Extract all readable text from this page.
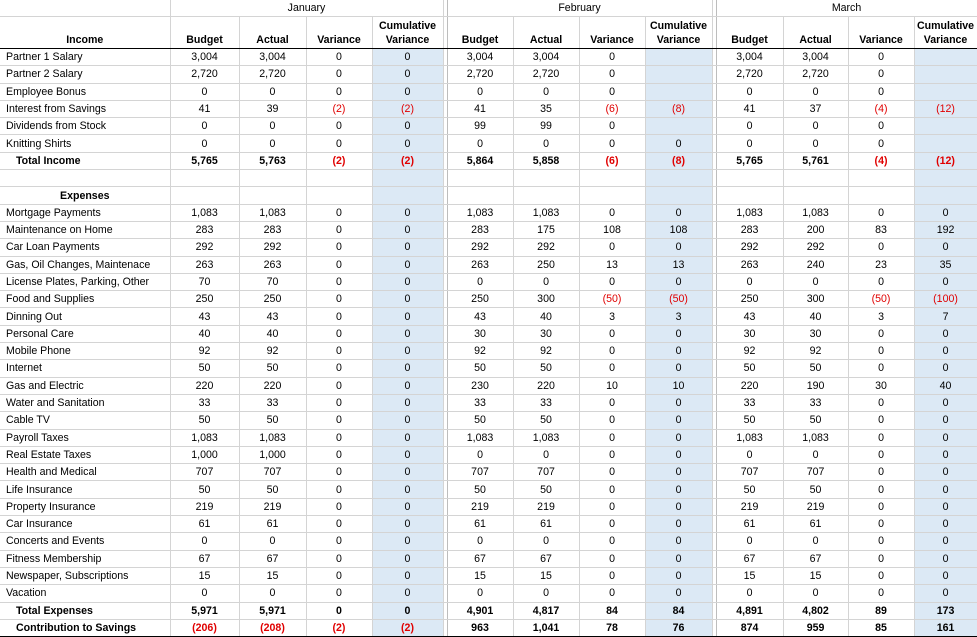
	January					February					March			
Income	Budget	Actual	Variance	Cumulative Variance		Budget	Actual	Variance	Cumulative Variance		Budget	Actual	Variance	Cumulative Variance
Partner 1 Salary	3,004	3,004	0	0		3,004	3,004	0			3,004	3,004	0	
Partner 2 Salary	2,720	2,720	0	0		2,720	2,720	0			2,720	2,720	0	
Employee Bonus	0	0	0	0		0	0	0			0	0	0	
Interest from Savings	41	39	(2)	(2)		41	35	(6)	(8)		41	37	(4)	(12)
Dividends from Stock	0	0	0	0		99	99	0			0	0	0	
Knitting Shirts	0	0	0	0		0	0	0	0		0	0	0	
Total Income	5,765	5,763	(2)	(2)		5,864	5,858	(6)	(8)		5,765	5,761	(4)	(12)

Expenses														
Mortgage Payments	1,083	1,083	0	0		1,083	1,083	0	0		1,083	1,083	0	0
Maintenance on Home	283	283	0	0		283	175	108	108		283	200	83	192
Car Loan Payments	292	292	0	0		292	292	0	0		292	292	0	0
Gas, Oil Changes, Maintenace	263	263	0	0		263	250	13	13		263	240	23	35
License Plates, Parking, Other	70	70	0	0		0	0	0	0		0	0	0	0
Food and Supplies	250	250	0	0		250	300	(50)	(50)		250	300	(50)	(100)
Dinning Out	43	43	0	0		43	40	3	3		43	40	3	7
Personal Care	40	40	0	0		30	30	0	0		30	30	0	0
Mobile Phone	92	92	0	0		92	92	0	0		92	92	0	0
Internet	50	50	0	0		50	50	0	0		50	50	0	0
Gas and Electric	220	220	0	0		230	220	10	10		220	190	30	40
Water and Sanitation	33	33	0	0		33	33	0	0		33	33	0	0
Cable TV	50	50	0	0		50	50	0	0		50	50	0	0
Payroll Taxes	1,083	1,083	0	0		1,083	1,083	0	0		1,083	1,083	0	0
Real Estate Taxes	1,000	1,000	0	0		0	0	0	0		0	0	0	0
Health and Medical	707	707	0	0		707	707	0	0		707	707	0	0
Life Insurance	50	50	0	0		50	50	0	0		50	50	0	0
Property Insurance	219	219	0	0		219	219	0	0		219	219	0	0
Car Insurance	61	61	0	0		61	61	0	0		61	61	0	0
Concerts and Events	0	0	0	0		0	0	0	0		0	0	0	0
Fitness Membership	67	67	0	0		67	67	0	0		67	67	0	0
Newspaper, Subscriptions	15	15	0	0		15	15	0	0		15	15	0	0
Vacation	0	0	0	0		0	0	0	0		0	0	0	0
Total Expenses	5,971	5,971	0	0		4,901	4,817	84	84		4,891	4,802	89	173
Contribution to Savings	(206)	(208)	(2)	(2)		963	1,041	78	76		874	959	85	161
